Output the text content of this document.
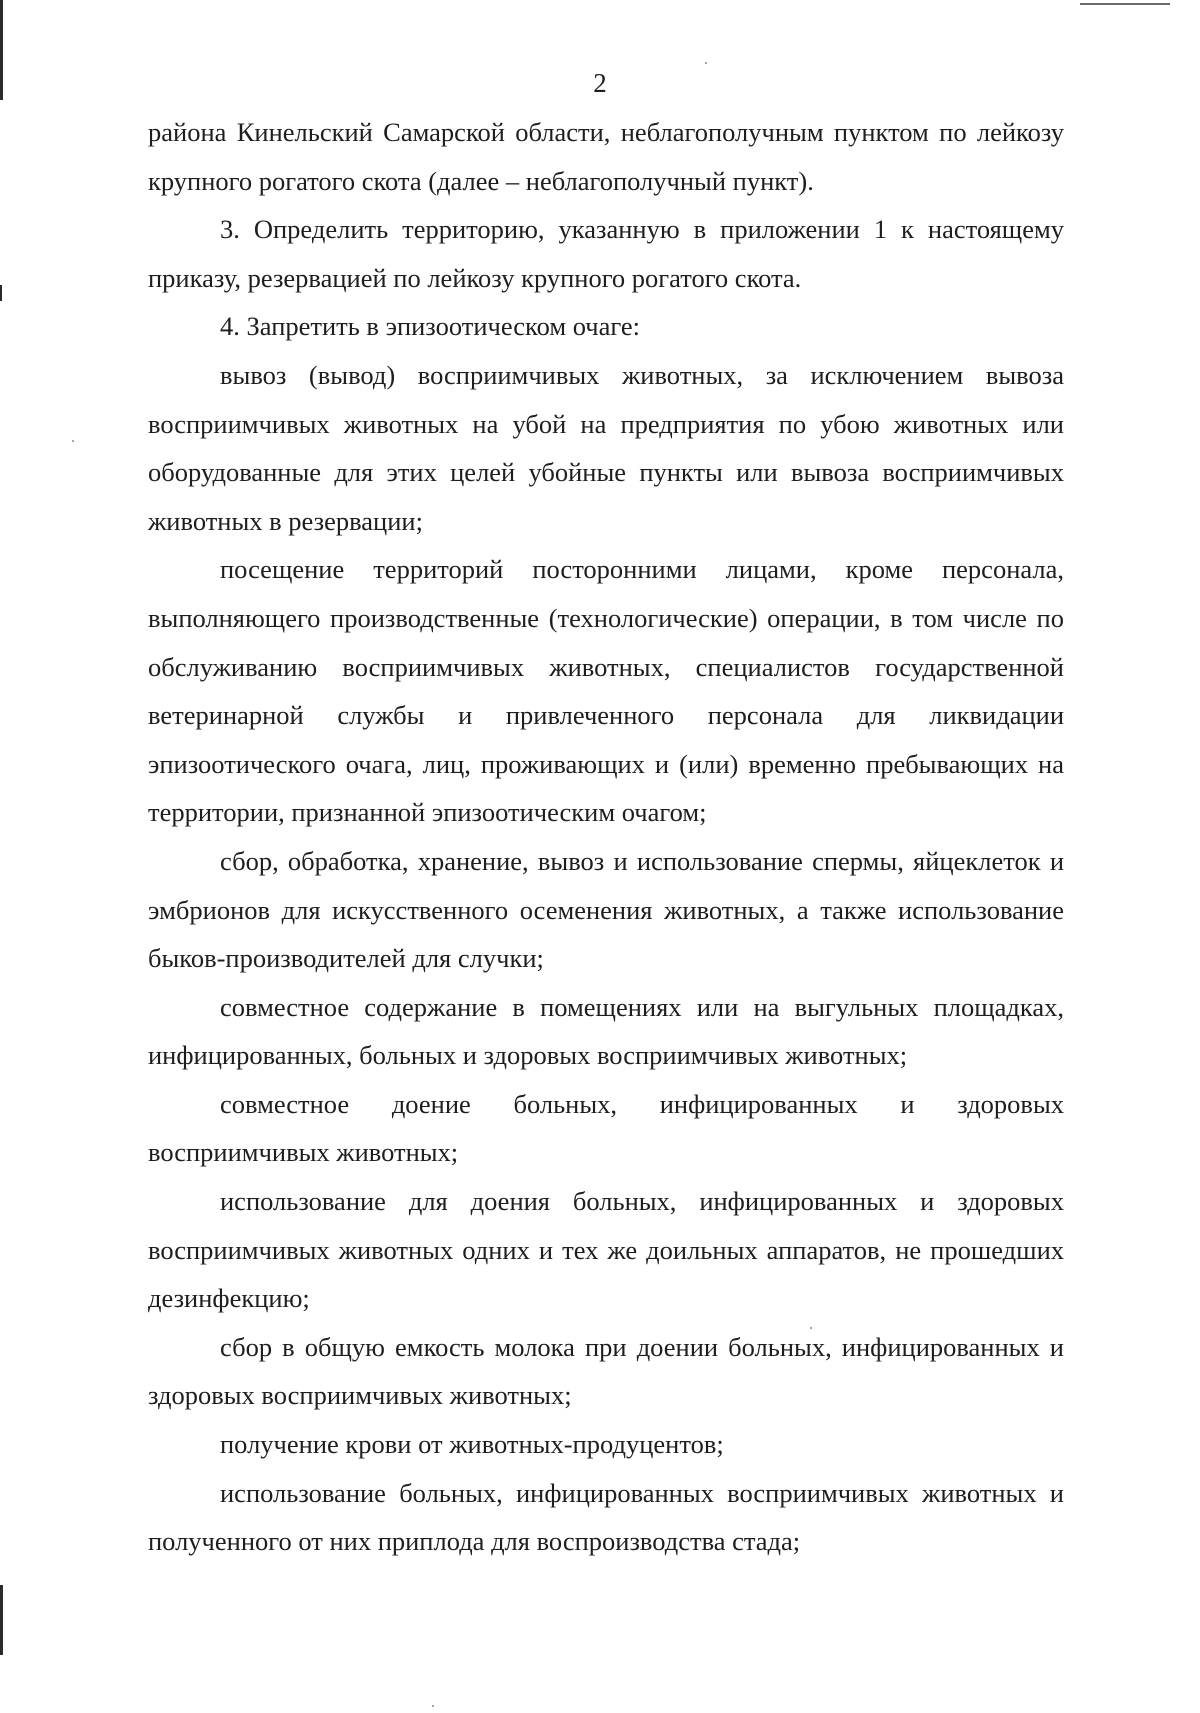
2

района Кинельский Самарской области, неблагополучным пунктом по лейкозу крупного рогатого скота (далее – неблагополучный пункт).

3. Определить территорию, указанную в приложении 1 к настоящему приказу, резервацией по лейкозу крупного рогатого скота.

4. Запретить в эпизоотическом очаге:

вывоз (вывод) восприимчивых животных, за исключением вывоза восприимчивых животных на убой на предприятия по убою животных или оборудованные для этих целей убойные пункты или вывоза восприимчивых животных в резервации;

посещение территорий посторонними лицами, кроме персонала, выполняющего производственные (технологические) операции, в том числе по обслуживанию восприимчивых животных, специалистов государственной ветеринарной службы и привлеченного персонала для ликвидации эпизоотического очага, лиц, проживающих и (или) временно пребывающих на территории, признанной эпизоотическим очагом;

сбор, обработка, хранение, вывоз и использование спермы, яйцеклеток и эмбрионов для искусственного осеменения животных, а также использование быков-производителей для случки;

совместное содержание в помещениях или на выгульных площадках, инфицированных, больных и здоровых восприимчивых животных;

совместное доение больных, инфицированных и здоровых восприимчивых животных;

использование для доения больных, инфицированных и здоровых восприимчивых животных одних и тех же доильных аппаратов, не прошедших дезинфекцию;

сбор в общую емкость молока при доении больных, инфицированных и здоровых восприимчивых животных;

получение крови от животных-продуцентов;

использование больных, инфицированных восприимчивых животных и полученного от них приплода для воспроизводства стада;
